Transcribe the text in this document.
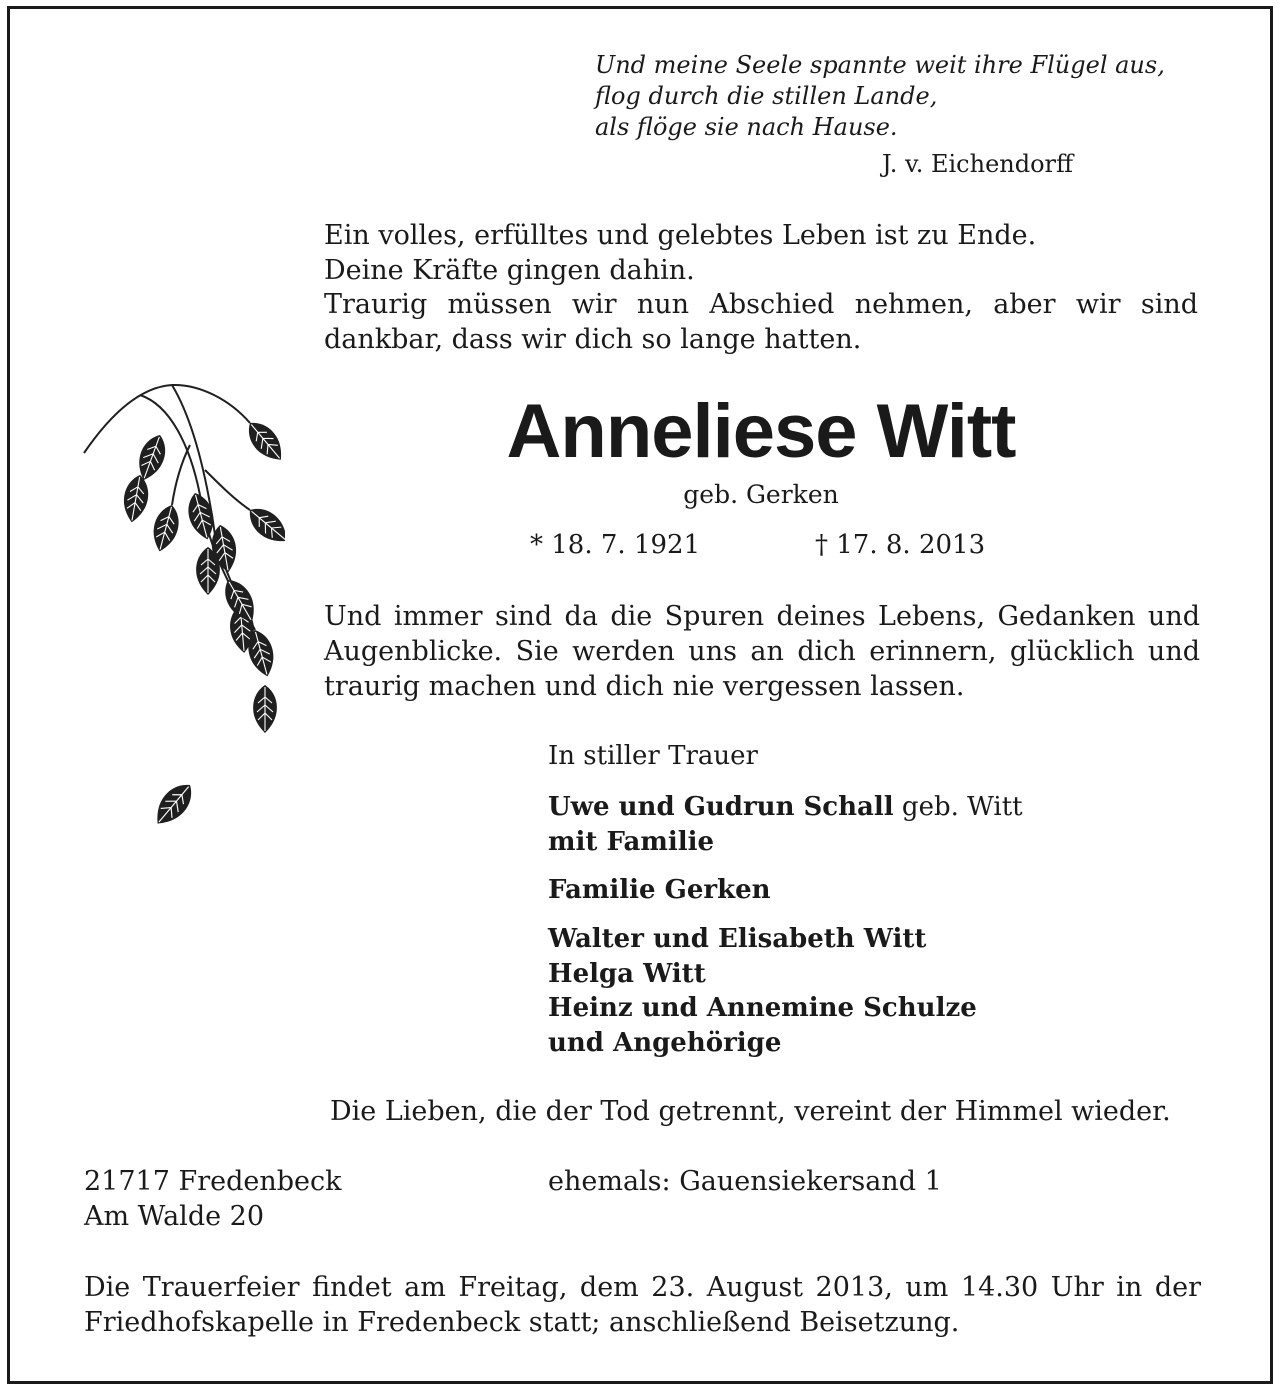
Und meine Seele spannte weit ihre Flügel aus,
flog durch die stillen Lande,
als flöge sie nach Hause.
J. v. Eichendorff
Ein volles, erfülltes und gelebtes Leben ist zu Ende.
Deine Kräfte gingen dahin.
Traurig müssen wir nun Abschied nehmen, aber wir sind
dankbar, dass wir dich so lange hatten.
Anneliese Witt
geb. Gerken
* 18. 7. 1921	† 17. 8. 2013
Und immer sind da die Spuren deines Lebens, Gedanken und
Augenblicke. Sie werden uns an dich erinnern, glücklich und
traurig machen und dich nie vergessen lassen.
In stiller Trauer
Uwe und Gudrun Schall geb. Witt
mit Familie
Familie Gerken
Walter und Elisabeth Witt
Helga Witt
Heinz und Annemine Schulze
und Angehörige
Die Lieben, die der Tod getrennt, vereint der Himmel wieder.
21717 Fredenbeck
Am Walde 20
ehemals: Gauensiekersand 1
Die Trauerfeier findet am Freitag, dem 23. August 2013, um 14.30 Uhr in der
Friedhofskapelle in Fredenbeck statt; anschließend Beisetzung.
